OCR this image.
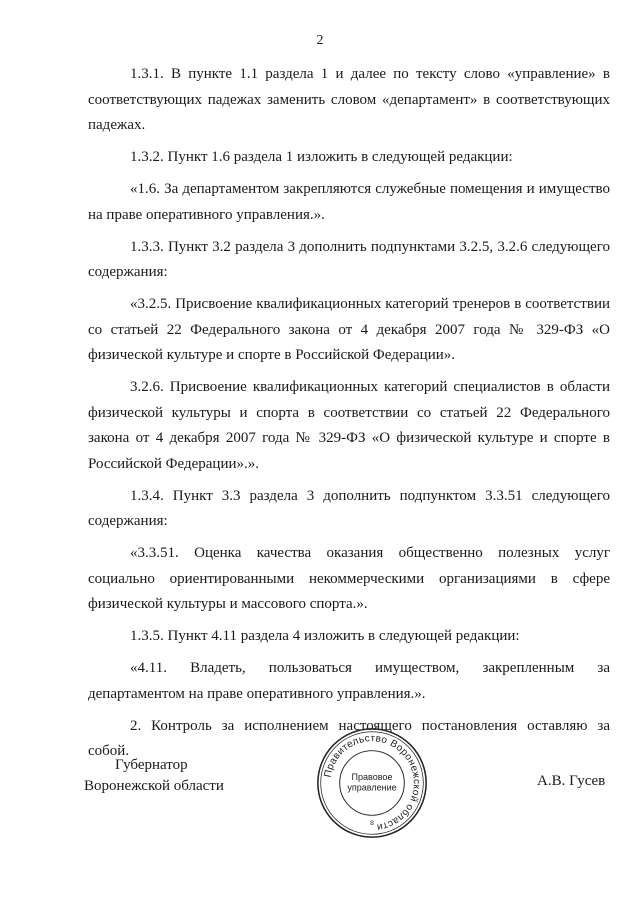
2

1.3.1. В пункте 1.1 раздела 1 и далее по тексту слово «управление» в соответствующих падежах заменить словом «департамент» в соответствующих падежах.

1.3.2. Пункт 1.6 раздела 1 изложить в следующей редакции:

«1.6. За департаментом закрепляются служебные помещения и имущество на праве оперативного управления.».

1.3.3. Пункт 3.2 раздела 3 дополнить подпунктами 3.2.5, 3.2.6 следующего содержания:

«3.2.5. Присвоение квалификационных категорий тренеров в соответствии со статьей 22 Федерального закона от 4 декабря 2007 года № 329-ФЗ «О физической культуре и спорте в Российской Федерации».

3.2.6. Присвоение квалификационных категорий специалистов в области физической культуры и спорта в соответствии со статьей 22 Федерального закона от 4 декабря 2007 года № 329-ФЗ «О физической культуре и спорте в Российской Федерации».».

1.3.4. Пункт 3.3 раздела 3 дополнить подпунктом 3.3.51 следующего содержания:

«3.3.51. Оценка качества оказания общественно полезных услуг социально ориентированными некоммерческими организациями в сфере физической культуры и массового спорта.».

1.3.5. Пункт 4.11 раздела 4 изложить в следующей редакции:

«4.11. Владеть, пользоваться имуществом, закрепленным за департаментом на праве оперативного управления.».

2. Контроль за исполнением настоящего постановления оставляю за собой.

Губернатор
Воронежской области
Правительство Воронежской области
Правовое
управление
8
А.В. Гусев
